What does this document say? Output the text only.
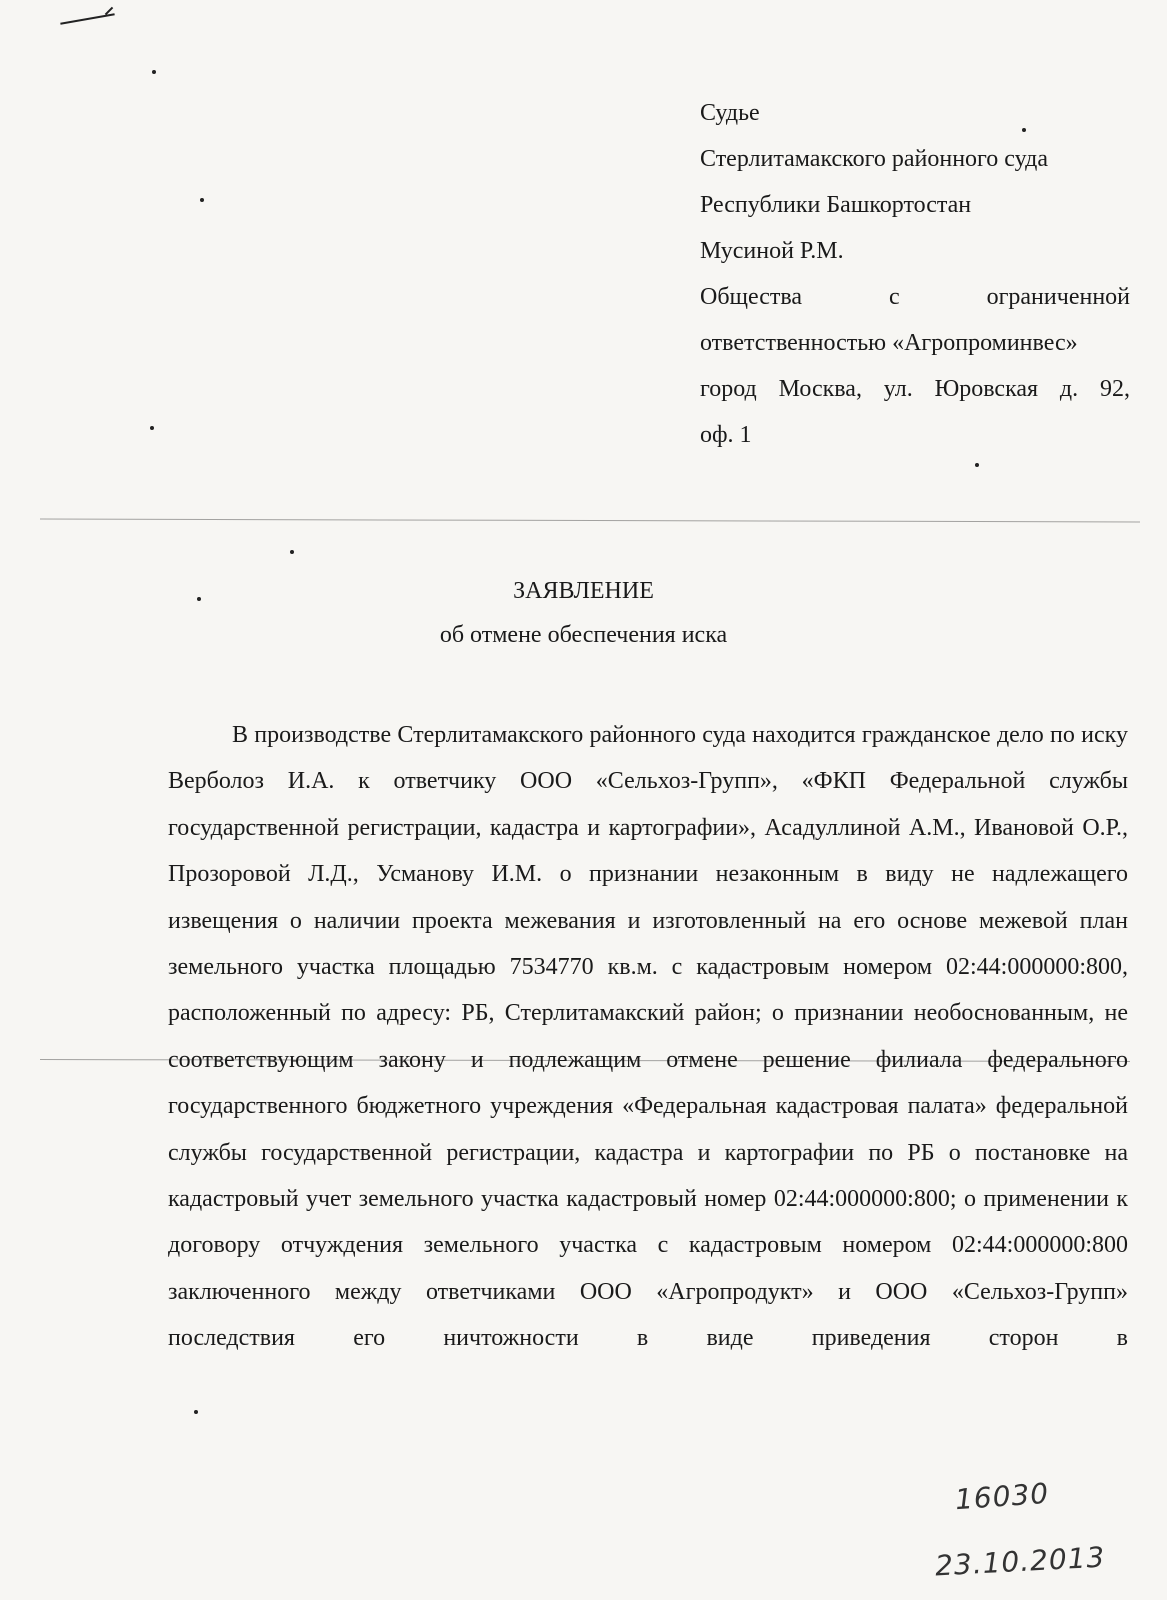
Судье
Стерлитамакского районного суда
Республики Башкортостан
Мусиной Р.М.
Общества с ограниченной
ответственностью «Агропроминвес»
город Москва, ул. Юровская д. 92,
оф. 1
ЗАЯВЛЕНИЕ
об отмене обеспечения иска

В производстве Стерлитамакского районного суда находится гражданское дело по иску Верболоз И.А. к ответчику ООО «Сельхоз-Групп», «ФКП Федеральной службы государственной регистрации, кадастра и картографии», Асадуллиной А.М., Ивановой О.Р., Прозоровой Л.Д., Усманову И.М. о признании незаконным в виду не надлежащего извещения о наличии проекта межевания и изготовленный на его основе межевой план земельного участка площадью 7534770 кв.м. с кадастровым номером 02:44:000000:800, расположенный по адресу: РБ, Стерлитамакский район; о признании необоснованным, не соответствующим закону и подлежащим отмене решение филиала федерального государственного бюджетного учреждения «Федеральная кадастровая палата» федеральной службы государственной регистрации, кадастра и картографии по РБ о постановке на кадастровый учет земельного участка кадастровый номер 02:44:000000:800; о применении к договору отчуждения земельного участка с кадастровым номером 02:44:000000:800 заключенного между ответчиками ООО «Агропродукт» и ООО «Сельхоз-Групп» последствия его ничтожности в виде приведения сторон в

16030
23.10.2013
